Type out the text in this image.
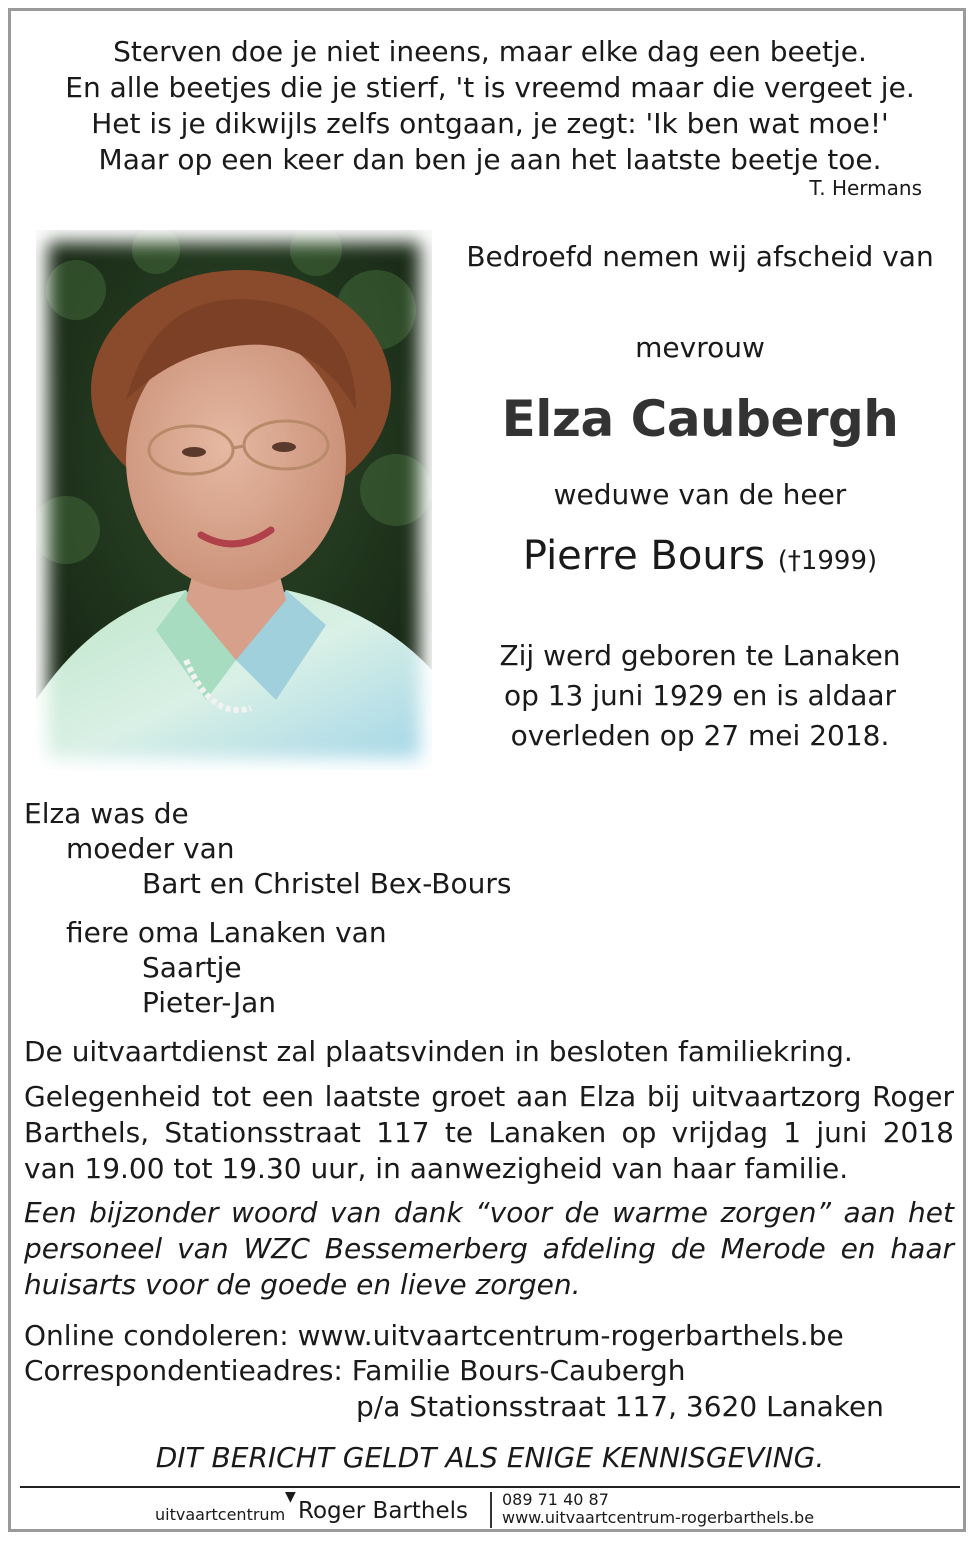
Sterven doe je niet ineens, maar elke dag een beetje.
En alle beetjes die je stierf, 't is vreemd maar die vergeet je.
Het is je dikwijls zelfs ontgaan, je zegt: 'Ik ben wat moe!'
Maar op een keer dan ben je aan het laatste beetje toe.
T. Hermans
Bedroefd nemen wij afscheid van
mevrouw
Elza Caubergh
weduwe van de heer
Pierre Bours (†1999)
Zij werd geboren te Lanaken
op 13 juni 1929 en is aldaar
overleden op 27 mei 2018.
Elza was de
moeder van
Bart en Christel Bex-Bours
fiere oma Lanaken van
Saartje
Pieter-Jan
De uitvaartdienst zal plaatsvinden in besloten familiekring.
Gelegenheid tot een laatste groet aan Elza bij uitvaartzorg Roger Barthels, Stationsstraat 117 te Lanaken op vrijdag 1 juni 2018 van 19.00 tot 19.30 uur, in aanwezigheid van haar familie.
Een bijzonder woord van dank “voor de warme zorgen” aan het personeel van WZC Bessemerberg afdeling de Merode en haar huisarts voor de goede en lieve zorgen.
Online condoleren: www.uitvaartcentrum-rogerbarthels.be
Correspondentieadres: Familie Bours-Caubergh
p/a Stationsstraat 117, 3620 Lanaken
DIT BERICHT GELDT ALS ENIGE KENNISGEVING.
uitvaartcentrum
▼
Roger Barthels 089 71 40 87
www.uitvaartcentrum-rogerbarthels.be
